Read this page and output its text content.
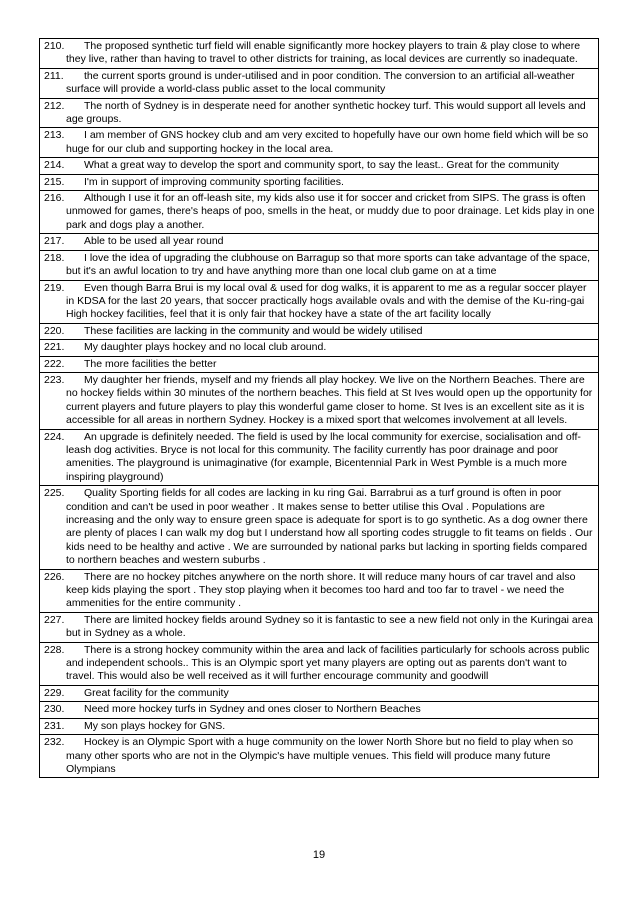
210. The proposed synthetic turf field will enable significantly more hockey players to train & play close to where they live, rather than having to travel to other districts for training, as local devices are currently so inadequate.

211. the current sports ground is under-utilised and in poor condition. The conversion to an artificial all-weather surface will provide a world-class public asset to the local community

212. The north of Sydney is in desperate need for another synthetic hockey turf. This would support all levels and age groups.

213. I am member of GNS hockey club and am very excited to hopefully have our own home field which will be so huge for our club and supporting hockey in the local area.

214. What a great way to develop the sport and community sport, to say the least.. Great for the community

215. I'm in support of improving community sporting facilities.

216. Although I use it for an off-leash site, my kids also use it for soccer and cricket from SIPS. The grass is often unmowed for games, there's heaps of poo, smells in the heat, or muddy due to poor drainage. Let kids play in one park and dogs play a another.

217. Able to be used all year round

218. I love the idea of upgrading the clubhouse on Barragup so that more sports can take advantage of the space, but it's an awful location to try and have anything more than one local club game on at a time

219. Even though Barra Brui is my local oval & used for dog walks, it is apparent to me as a regular soccer player in KDSA for the last 20 years, that soccer practically hogs available ovals and with the demise of the Ku-ring-gai High hockey facilities, feel that it is only fair that hockey have a state of the art facility locally

220. These facilities are lacking in the community and would be widely utilised

221. My daughter plays hockey and no local club around.

222. The more facilities the better

223. My daughter her friends, myself and my friends all play hockey. We live on the Northern Beaches. There are no hockey fields within 30 minutes of the northern beaches. This field at St Ives would open up the opportunity for current players and future players to play this wonderful game closer to home. St Ives is an excellent site as it is accessible for all areas in northern Sydney. Hockey is a mixed sport that welcomes involvement at all levels.

224. An upgrade is definitely needed. The field is used by lhe local community for exercise, socialisation and off-leash dog activities. Bryce is not local for this community. The facility currently has poor drainage and poor amenities. The playground is unimaginative (for example, Bicentennial Park in West Pymble is a much more inspiring playground)

225. Quality Sporting fields for all codes are lacking in ku ring Gai. Barrabrui as a turf ground is often in poor condition and can't be used in poor weather . It makes sense to better utilise this Oval . Populations are increasing and the only way to ensure green space is adequate for sport is to go synthetic. As a dog owner there are plenty of places I can walk my dog but I understand how all sporting codes struggle to fit teams on fields . Our kids need to be healthy and active . We are surrounded by national parks but lacking in sporting fields compared to northern beaches and western suburbs .

226. There are no hockey pitches anywhere on the north shore. It will reduce many hours of car travel and also keep kids playing the sport . They stop playing when it becomes too hard and too far to travel - we need the ammenities for the entire community .

227. There are limited hockey fields around Sydney so it is fantastic to see a new field not only in the Kuringai area but in Sydney as a whole.

228. There is a strong hockey community within the area and lack of facilities particularly for schools across public and independent schools.. This is an Olympic sport yet many players are opting out as parents don't want to travel. This would also be well received as it will further encourage community and goodwill

229. Great facility for the community

230. Need more hockey turfs in Sydney and ones closer to Northern Beaches

231. My son plays hockey for GNS.

232. Hockey is an Olympic Sport with a huge community on the lower North Shore but no field to play when so many other sports who are not in the Olympic's have multiple venues. This field will produce many future Olympians
19
